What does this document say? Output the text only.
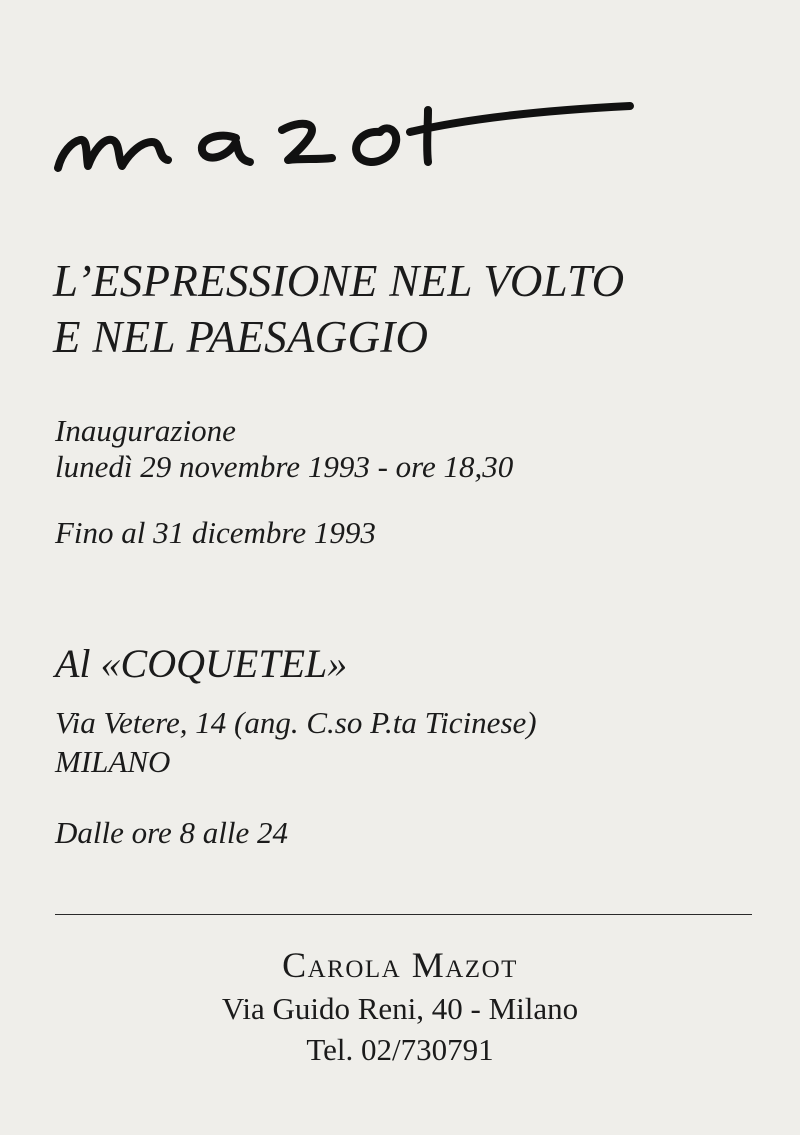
L’ESPRESSIONE NEL VOLTO
E NEL PAESAGGIO

Inaugurazione

lunedì 29 novembre 1993 - ore 18,30

Fino al 31 dicembre 1993

Al «COQUETEL»

Via Vetere, 14 (ang. C.so P.ta Ticinese)

MILANO

Dalle ore 8 alle 24

Carola Mazot
Via Guido Reni, 40 - Milano
Tel. 02/730791
